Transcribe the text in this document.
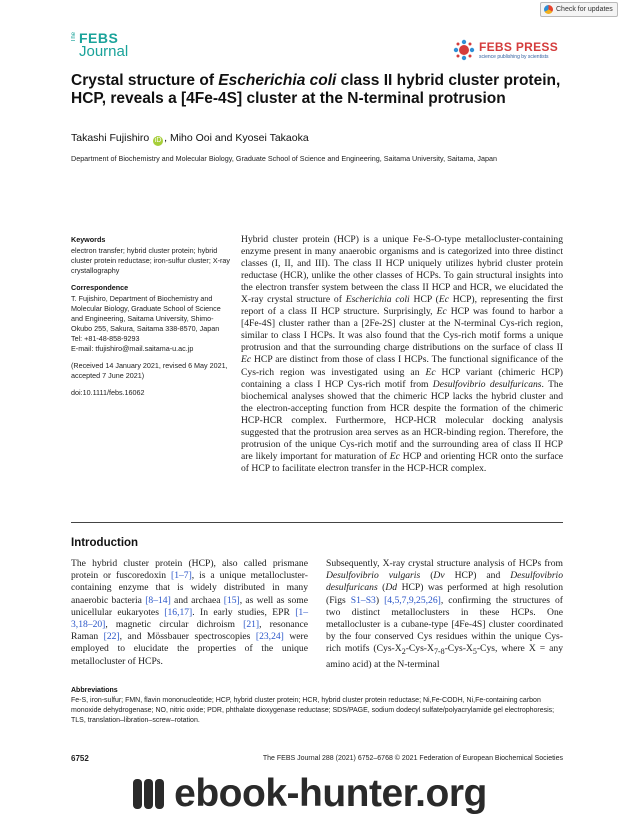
Check for updates
The FEBS
Journal	FEBS PRESS
science publishing by scientists
Crystal structure of Escherichia coli class II hybrid cluster protein, HCP, reveals a [4Fe-4S] cluster at the N-terminal protrusion
Takashi Fujishiro iD , Miho Ooi and Kyosei Takaoka
Department of Biochemistry and Molecular Biology, Graduate School of Science and Engineering, Saitama University, Saitama, Japan
Keywords
electron transfer; hybrid cluster protein; hybrid cluster protein reductase; iron-sulfur cluster; X-ray crystallography
Correspondence
T. Fujishiro, Department of Biochemistry and Molecular Biology, Graduate School of Science and Engineering, Saitama University, Shimo-Okubo 255, Sakura, Saitama 338-8570, Japan
Tel: +81-48-858-9293
E-mail: tfujishiro@mail.saitama-u.ac.jp
(Received 14 January 2021, revised 6 May 2021, accepted 7 June 2021)
doi:10.1111/febs.16062

Hybrid cluster protein (HCP) is a unique Fe-S-O-type metallocluster-containing enzyme present in many anaerobic organisms and is categorized into three distinct classes (I, II, and III). The class II HCP uniquely utilizes hybrid cluster protein reductase (HCR), unlike the other classes of HCPs. To gain structural insights into the electron transfer system between the class II HCP and HCR, we elucidated the X-ray crystal structure of Escherichia coli HCP (Ec HCP), representing the first report of a class II HCP structure. Surprisingly, Ec HCP was found to harbor a [4Fe-4S] cluster rather than a [2Fe-2S] cluster at the N-terminal Cys-rich region, similar to class I HCPs. It was also found that the Cys-rich motif forms a unique protrusion and that the surrounding charge distributions on the surface of class II Ec HCP are distinct from those of class I HCPs. The functional significance of the Cys-rich region was investigated using an Ec HCP variant (chimeric HCP) containing a class I HCP Cys-rich motif from Desulfovibrio desulfuricans. The biochemical analyses showed that the chimeric HCP lacks the hybrid cluster and the electron-accepting function from HCR despite the formation of the chimeric HCP-HCR complex. Furthermore, HCP-HCR molecular docking analysis suggested that the protrusion area serves as an HCR-binding region. Therefore, the protrusion of the unique Cys-rich motif and the surrounding area of class II HCP are likely important for maturation of Ec HCP and orienting HCR onto the surface of HCP to facilitate electron transfer in the HCP-HCR complex.

Introduction

The hybrid cluster protein (HCP), also called prismane protein or fuscoredoxin [1–7], is a unique metallocluster-containing enzyme that is widely distributed in many anaerobic bacteria [8–14] and archaea [15], as well as some unicellular eukaryotes [16,17]. In early studies, EPR [1–3,18–20], magnetic circular dichroism [21], resonance Raman [22], and Mössbauer spectroscopies [23,24] were employed to elucidate the properties of the unique metallocluster of HCPs.

Subsequently, X-ray crystal structure analysis of HCPs from Desulfovibrio vulgaris (Dv HCP) and Desulfovibrio desulfuricans (Dd HCP) was performed at high resolution (Figs S1–S3) [4,5,7,9,25,26], confirming the structures of two distinct metalloclusters in these HCPs. One metallocluster is a cubane-type [4Fe-4S] cluster coordinated by the four conserved Cys residues within the unique Cys-rich motifs ($Cys-X_2-Cys-X_{7-8}-Cys-X_5$-Cys, where X = any amino acid) at the N-terminal

Abbreviations
Fe-S, iron-sulfur; FMN, flavin mononucleotide; HCP, hybrid cluster protein; HCR, hybrid cluster protein reductase; Ni,Fe-CODH, Ni,Fe-containing carbon monoxide dehydrogenase; NO, nitric oxide; PDR, phthalate dioxygenase reductase; SDS/PAGE, sodium dodecyl sulfate/polyacrylamide gel electrophoresis; TLS, translation–libration–screw–rotation.
6752	The FEBS Journal 288 (2021) 6752–6768 © 2021 Federation of European Biochemical Societies
ebook-hunter.org
